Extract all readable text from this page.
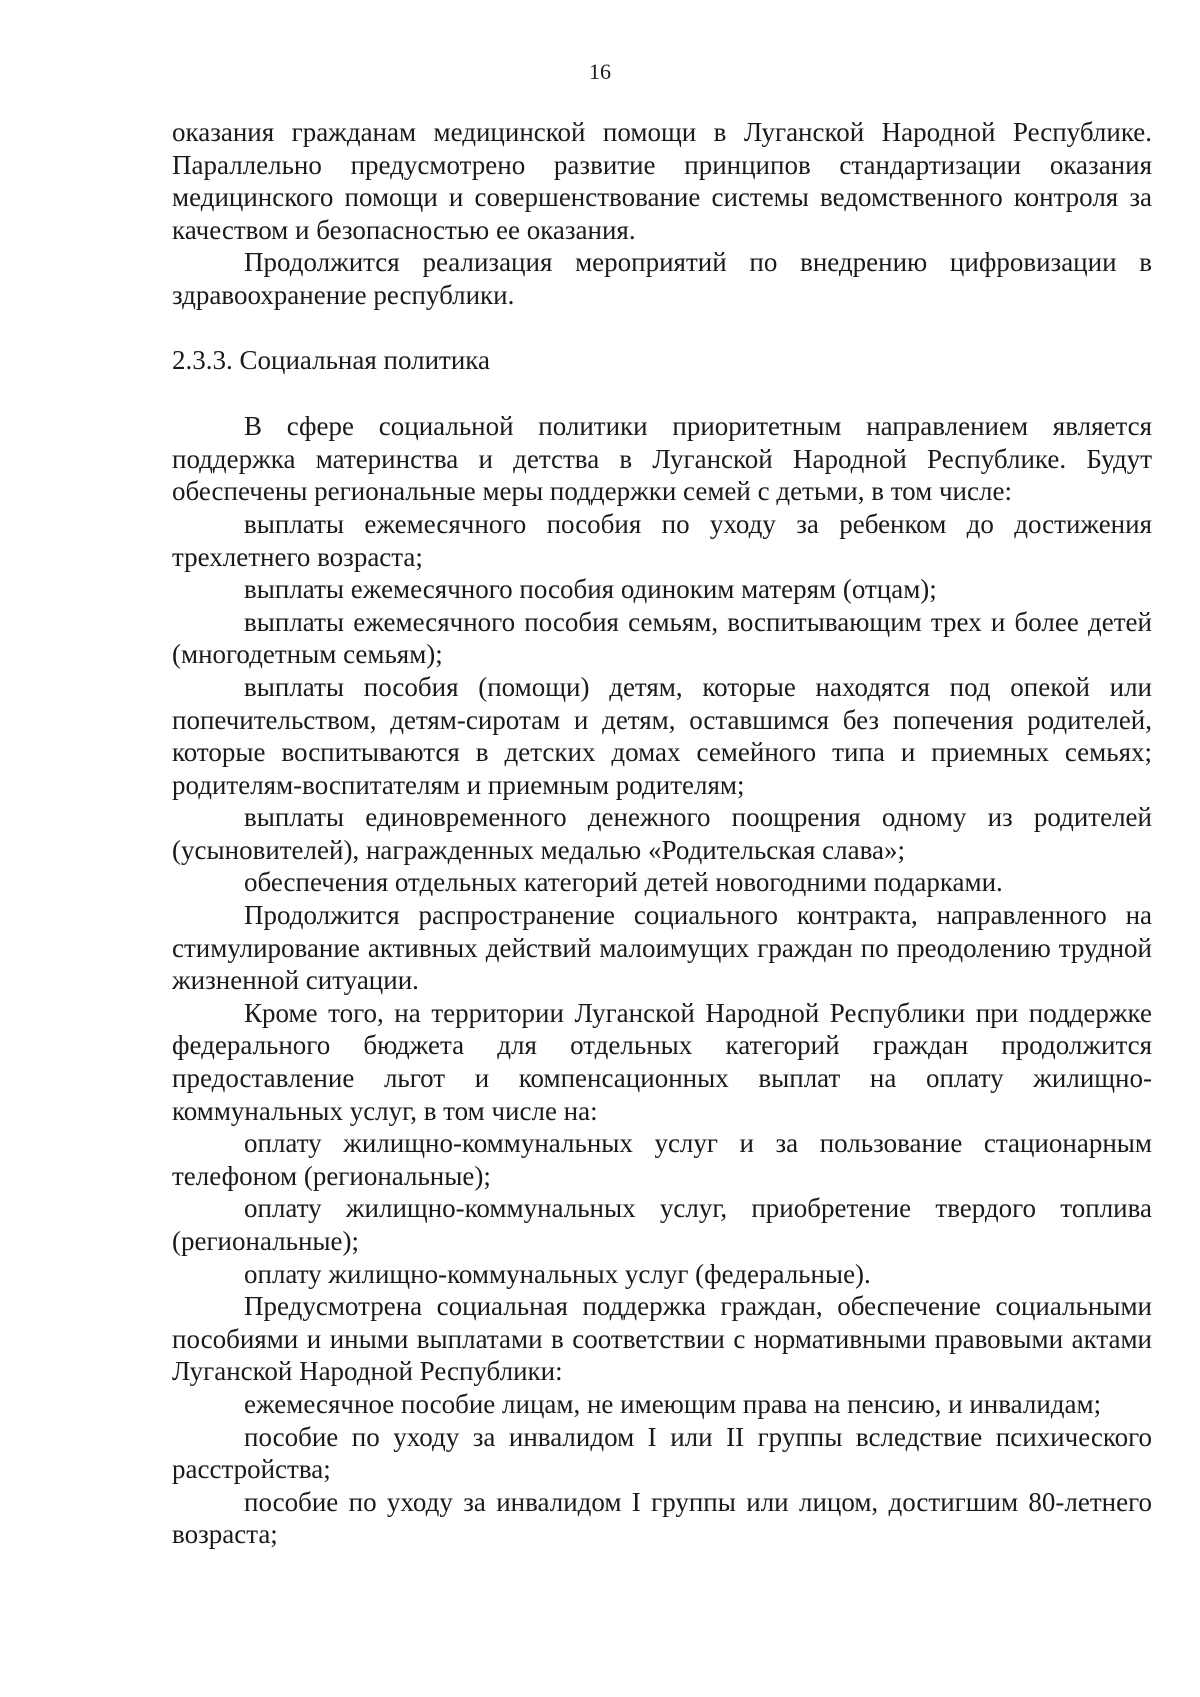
16

оказания гражданам медицинской помощи в Луганской Народной Республике. Параллельно предусмотрено развитие принципов стандартизации оказания медицинского помощи и совершенствование системы ведомственного контроля за качеством и безопасностью ее оказания.

Продолжится реализация мероприятий по внедрению цифровизации в здравоохранение республики.

2.3.3. Социальная политика

В сфере социальной политики приоритетным направлением является поддержка материнства и детства в Луганской Народной Республике. Будут обеспечены региональные меры поддержки семей с детьми, в том числе:

выплаты ежемесячного пособия по уходу за ребенком до достижения трехлетнего возраста;

выплаты ежемесячного пособия одиноким матерям (отцам);

выплаты ежемесячного пособия семьям, воспитывающим трех и более детей (многодетным семьям);

выплаты пособия (помощи) детям, которые находятся под опекой или попечительством, детям-сиротам и детям, оставшимся без попечения родителей, которые воспитываются в детских домах семейного типа и приемных семьях; родителям-воспитателям и приемным родителям;

выплаты единовременного денежного поощрения одному из родителей (усыновителей), награжденных медалью «Родительская слава»;

обеспечения отдельных категорий детей новогодними подарками.

Продолжится распространение социального контракта, направленного на стимулирование активных действий малоимущих граждан по преодолению трудной жизненной ситуации.

Кроме того, на территории Луганской Народной Республики при поддержке федерального бюджета для отдельных категорий граждан продолжится предоставление льгот и компенсационных выплат на оплату жилищно-коммунальных услуг, в том числе на:

оплату жилищно-коммунальных услуг и за пользование стационарным телефоном (региональные);

оплату жилищно-коммунальных услуг, приобретение твердого топлива (региональные);

оплату жилищно-коммунальных услуг (федеральные).

Предусмотрена социальная поддержка граждан, обеспечение социальными пособиями и иными выплатами в соответствии с нормативными правовыми актами Луганской Народной Республики:

ежемесячное пособие лицам, не имеющим права на пенсию, и инвалидам;

пособие по уходу за инвалидом I или II группы вследствие психического расстройства;

пособие по уходу за инвалидом I группы или лицом, достигшим 80-летнего возраста;
